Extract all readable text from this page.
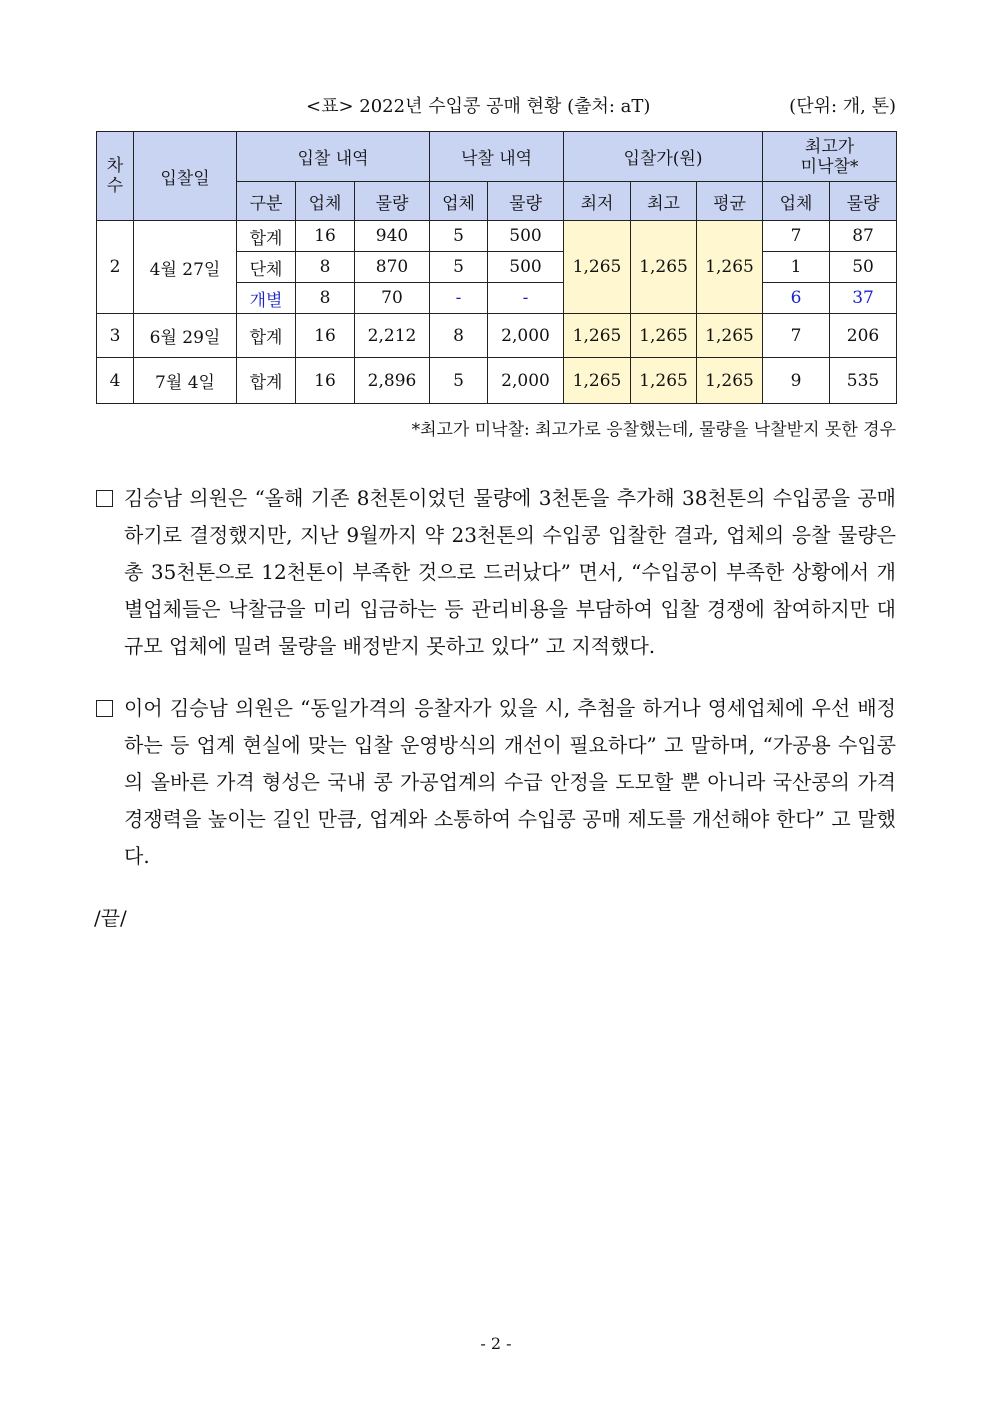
<표> 2022년 수입콩 공매 현황 (출처: aT)	(단위: 개, 톤)
차수	입찰일	입찰 내역			낙찰 내역		입찰가(원)			최고가
미낙찰*	
		구분	업체	물량	업체	물량	최저	최고	평균	업체	물량
2	4월 27일	합계	16	940	5	500	1,265	1,265	1,265	7	87
		단체	8	870	5	500				1	50
		개별	8	70	-	-				6	37
3	6월 29일	합계	16	2,212	8	2,000	1,265	1,265	1,265	7	206
4	7월 4일	합계	16	2,896	5	2,000	1,265	1,265	1,265	9	535
*최고가 미낙찰: 최고가로 응찰했는데, 물량을 낙찰받지 못한 경우
김승남 의원은 “올해 기존 8천톤이었던 물량에 3천톤을 추가해 38천톤의 수입콩을 공매하기로 결정했지만, 지난 9월까지 약 23천톤의 수입콩 입찰한 결과, 업체의 응찰 물량은 총 35천톤으로 12천톤이 부족한 것으로 드러났다” 면서, “수입콩이 부족한 상황에서 개별업체들은 낙찰금을 미리 입금하는 등 관리비용을 부담하여 입찰 경쟁에 참여하지만 대규모 업체에 밀려 물량을 배정받지 못하고 있다” 고 지적했다.
이어 김승남 의원은 “동일가격의 응찰자가 있을 시, 추첨을 하거나 영세업체에 우선 배정하는 등 업계 현실에 맞는 입찰 운영방식의 개선이 필요하다” 고 말하며, “가공용 수입콩의 올바른 가격 형성은 국내 콩 가공업계의 수급 안정을 도모할 뿐 아니라 국산콩의 가격 경쟁력을 높이는 길인 만큼, 업계와 소통하여 수입콩 공매 제도를 개선해야 한다” 고 말했다.
/끝/
- 2 -
